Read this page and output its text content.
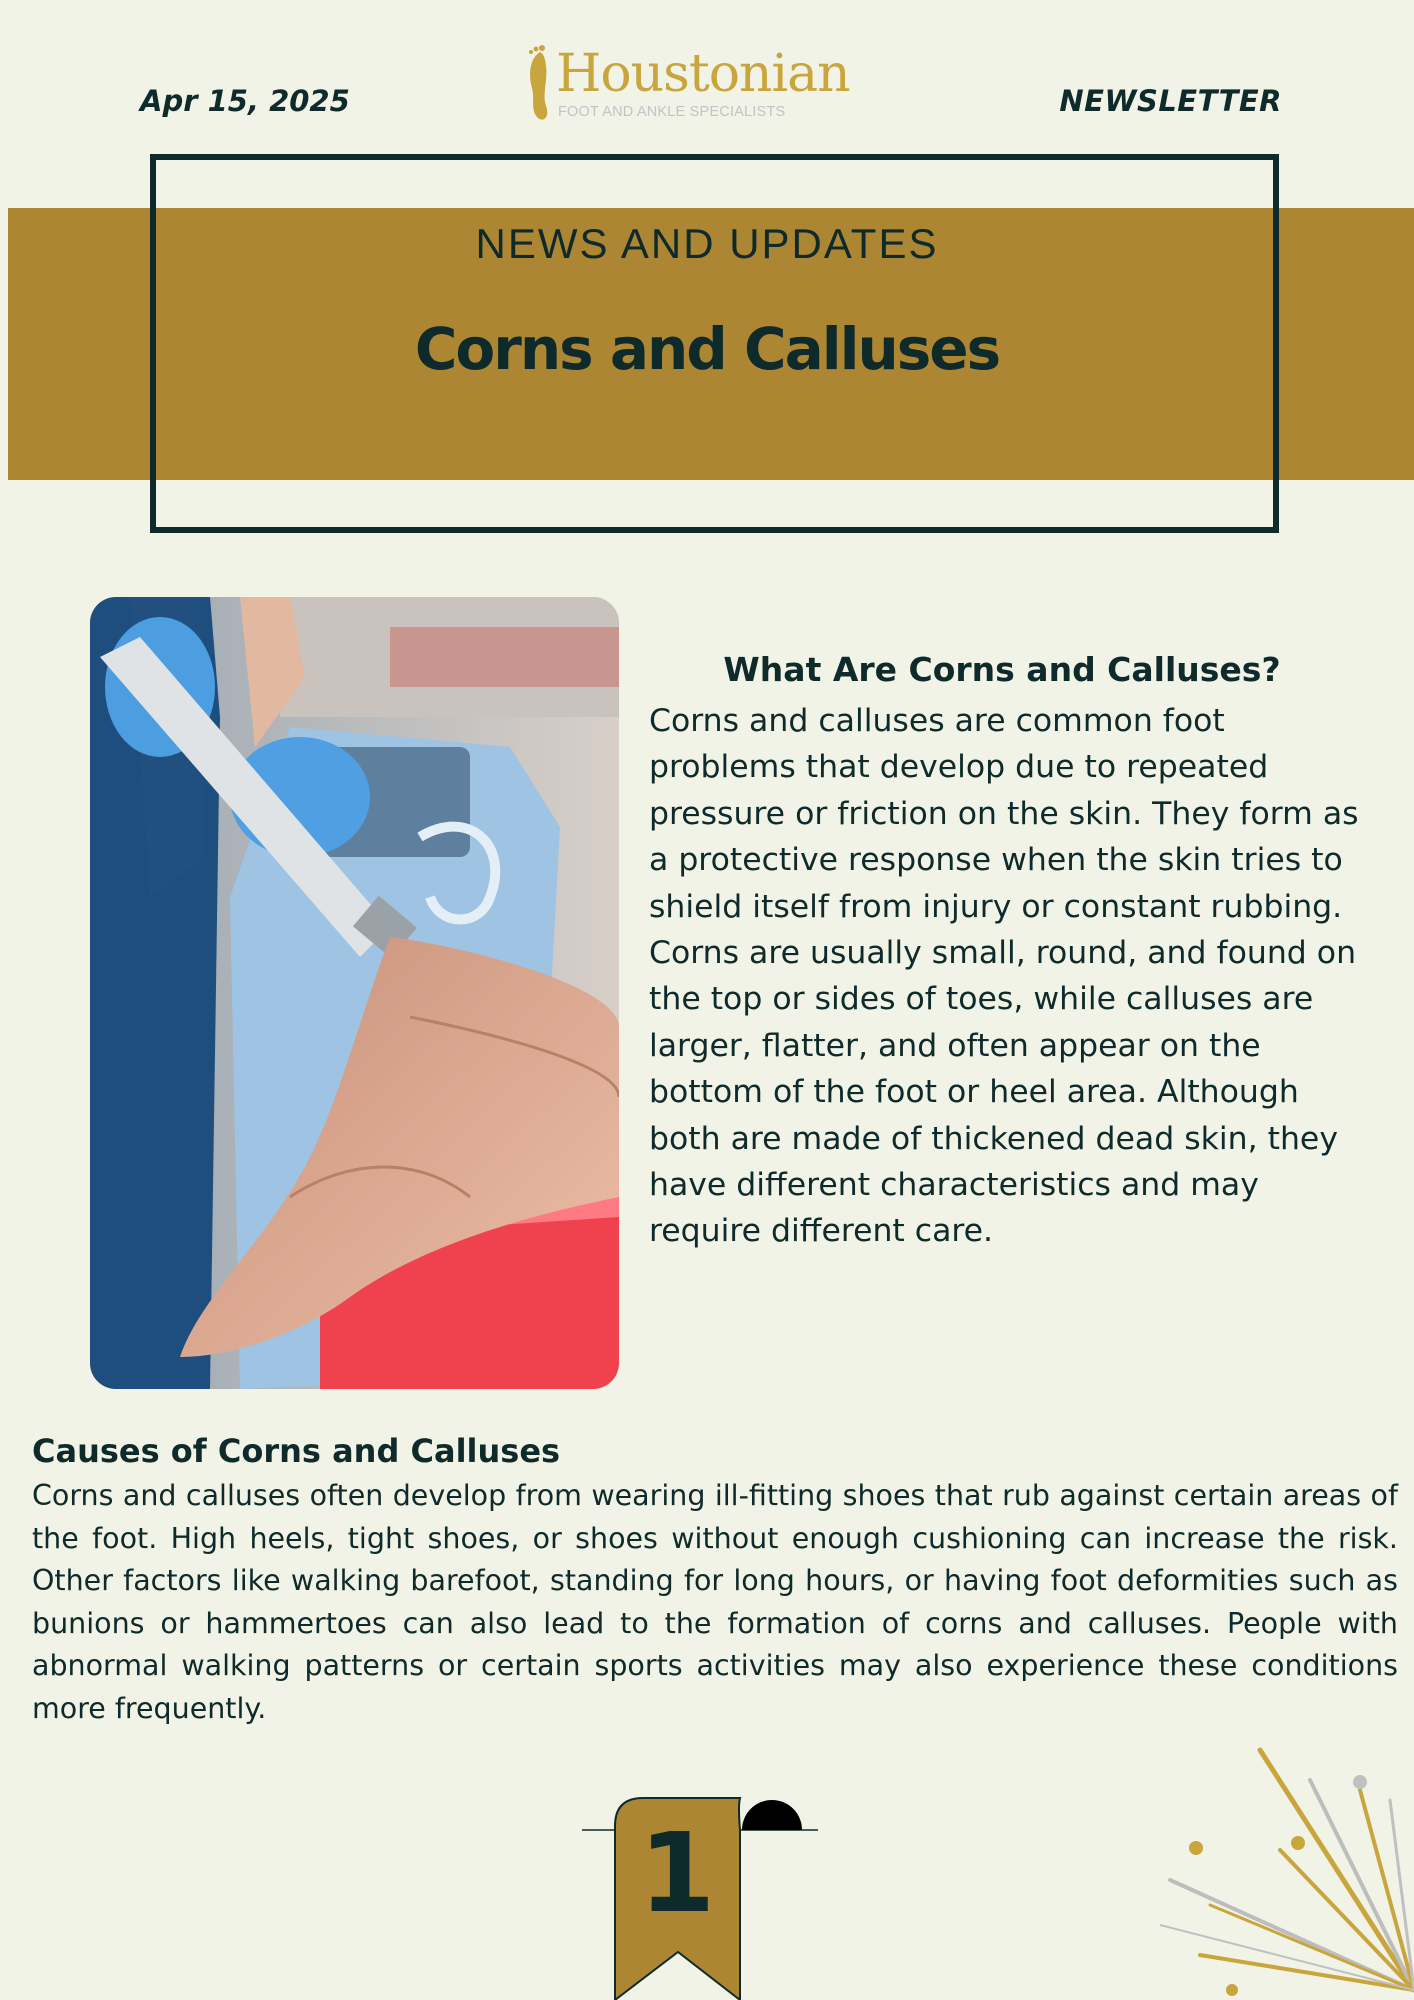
Apr 15, 2025	Houstonian
FOOT AND ANKLE SPECIALISTS	NEWSLETTER
NEWS AND UPDATES
Corns and Calluses
What Are Corns and Calluses?
Corns and calluses are common foot problems that develop due to repeated pressure or friction on the skin. They form as a protective response when the skin tries to shield itself from injury or constant rubbing. Corns are usually small, round, and found on the top or sides of toes, while calluses are larger, flatter, and often appear on the bottom of the foot or heel area. Although both are made of thickened dead skin, they have different characteristics and may require different care.
Causes of Corns and Calluses
Corns and calluses often develop from wearing ill-fitting shoes that rub against certain areas of the foot. High heels, tight shoes, or shoes without enough cushioning can increase the risk. Other factors like walking barefoot, standing for long hours, or having foot deformities such as bunions or hammertoes can also lead to the formation of corns and calluses. People with abnormal walking patterns or certain sports activities may also experience these conditions more frequently.
1
